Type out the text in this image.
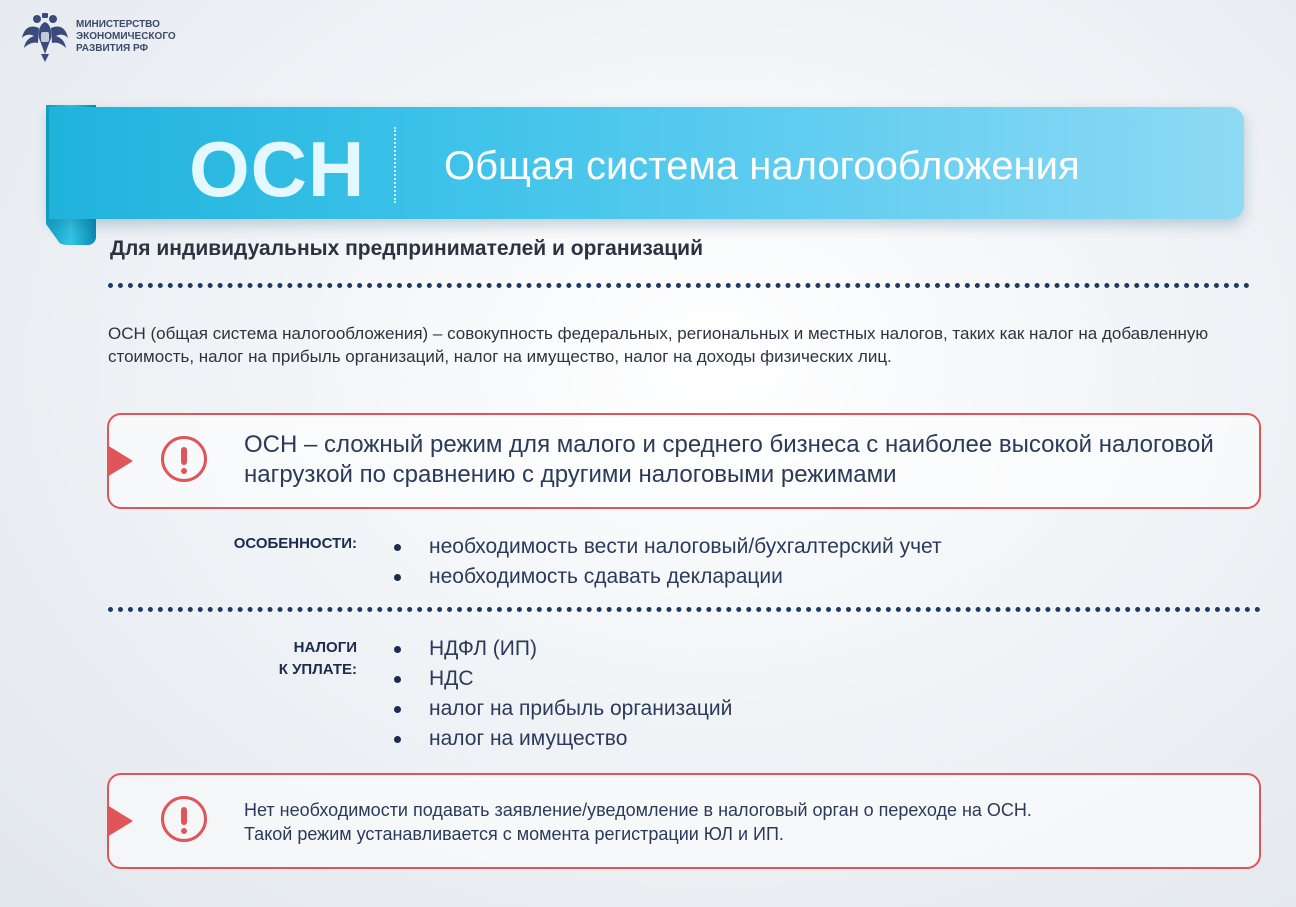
МИНИСТЕРСТВО
ЭКОНОМИЧЕСКОГО
РАЗВИТИЯ РФ
ОСН Общая система налогообложения
Для индивидуальных предпринимателей и организаций
ОСН (общая система налогообложения) – совокупность федеральных, региональных и местных налогов, таких как налог на добавленную стоимость, налог на прибыль организаций, налог на имущество, налог на доходы физических лиц.
ОСН – сложный режим для малого и среднего бизнеса с наиболее высокой налоговой нагрузкой по сравнению с другими налоговыми режимами
ОСОБЕННОСТИ:	необходимость вести налоговый/бухгалтерский учет
необходимость сдавать декларации
НАЛОГИ
К УПЛАТЕ:
НДФЛ (ИП)
НДС
налог на прибыль организаций
налог на имущество
Нет необходимости подавать заявление/уведомление в налоговый орган о переходе на ОСН.
Такой режим устанавливается с момента регистрации ЮЛ и ИП.
